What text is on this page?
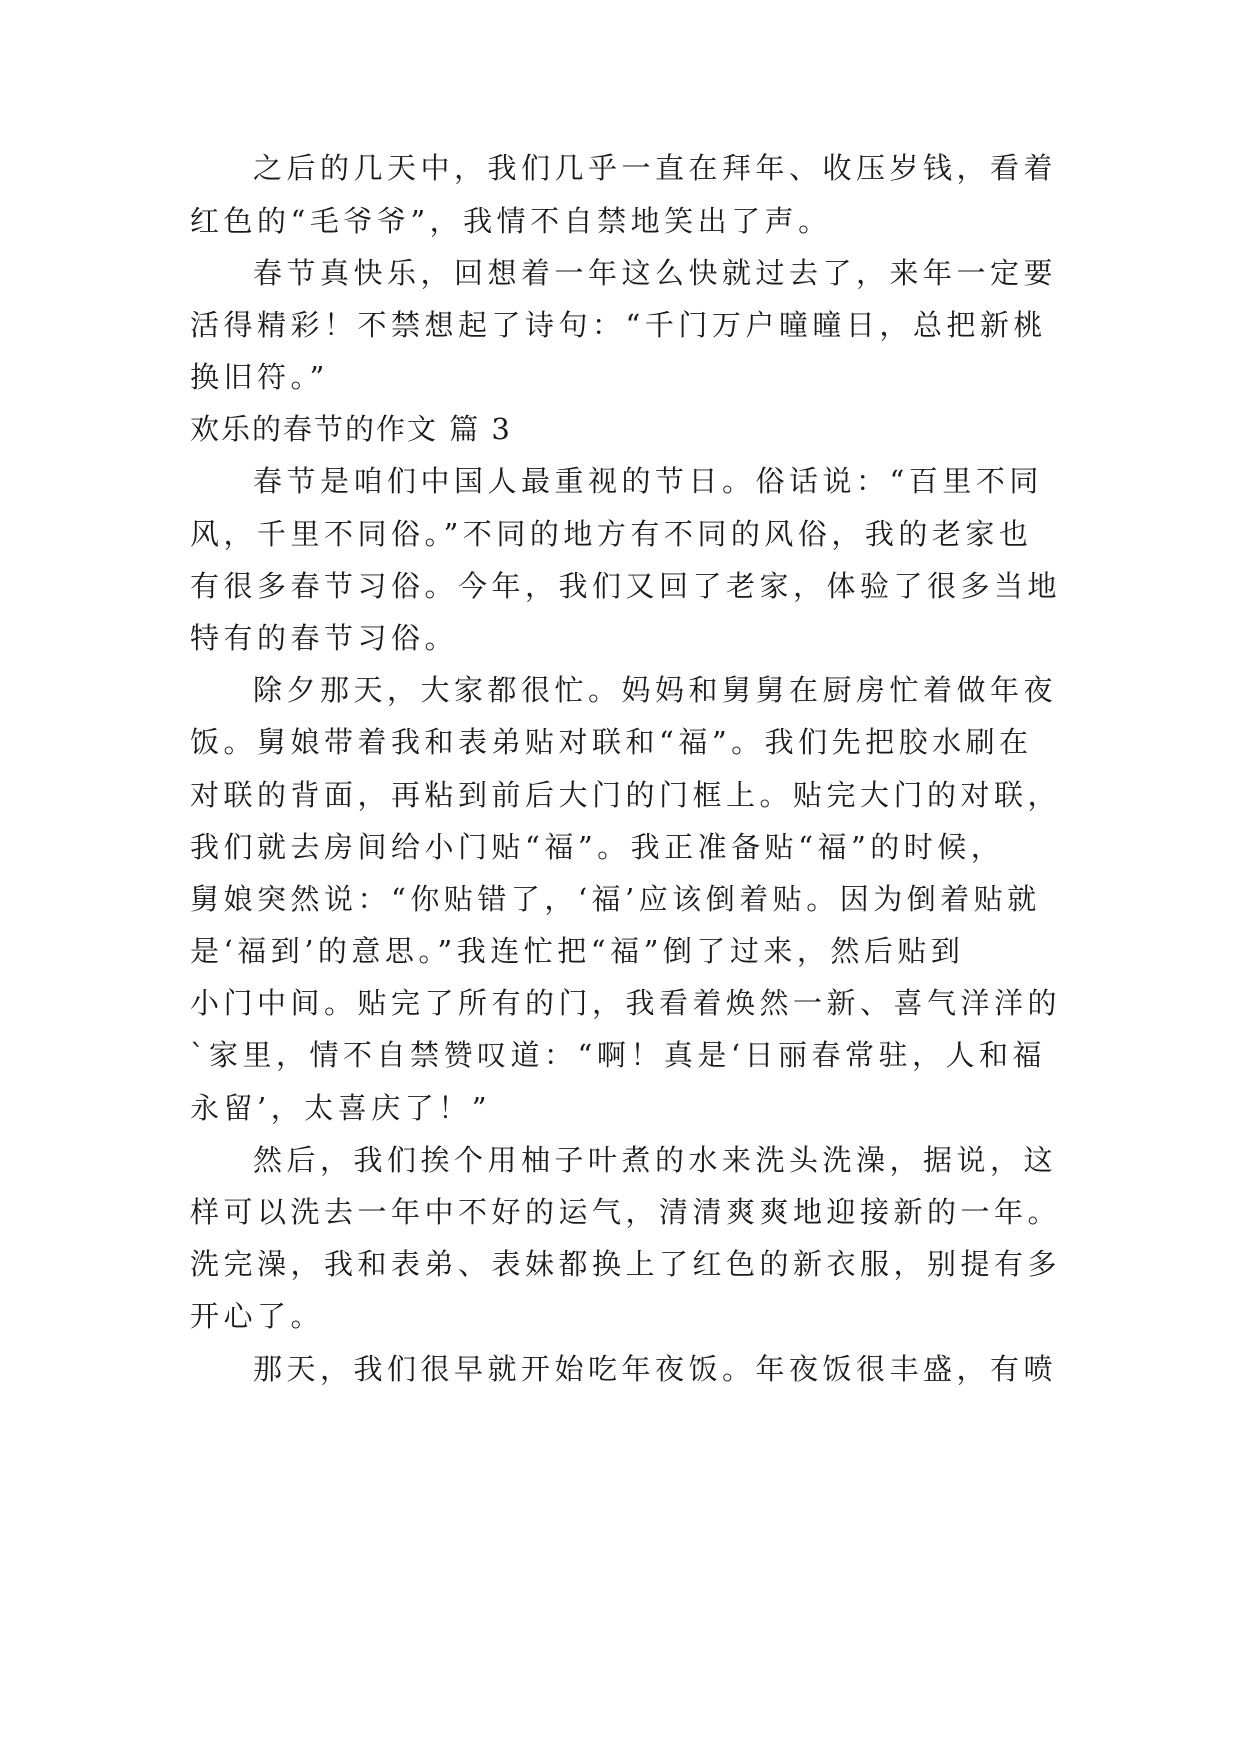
之后的几天中，我们几乎一直在拜年、收压岁钱，看着

红色的“毛爷爷”，我情不自禁地笑出了声。

春节真快乐，回想着一年这么快就过去了，来年一定要

活得精彩！不禁想起了诗句：“千门万户曈曈日，总把新桃

换旧符。”

欢乐的春节的作文 篇 3

春节是咱们中国人最重视的节日。俗话说：“百里不同

风，千里不同俗。”不同的地方有不同的风俗，我的老家也

有很多春节习俗。今年，我们又回了老家，体验了很多当地

特有的春节习俗。

除夕那天，大家都很忙。妈妈和舅舅在厨房忙着做年夜

饭。舅娘带着我和表弟贴对联和“福”。我们先把胶水刷在

对联的背面，再粘到前后大门的门框上。贴完大门的对联，

我们就去房间给小门贴“福”。我正准备贴“福”的时候，

舅娘突然说：“你贴错了，‘福’应该倒着贴。因为倒着贴就

是‘福到’的意思。”我连忙把“福”倒了过来，然后贴到

小门中间。贴完了所有的门，我看着焕然一新、喜气洋洋的

`家里，情不自禁赞叹道：“啊！真是‘日丽春常驻，人和福

永留’，太喜庆了！”

然后，我们挨个用柚子叶煮的水来洗头洗澡，据说，这

样可以洗去一年中不好的运气，清清爽爽地迎接新的一年。

洗完澡，我和表弟、表妹都换上了红色的新衣服，别提有多

开心了。

那天，我们很早就开始吃年夜饭。年夜饭很丰盛，有喷
